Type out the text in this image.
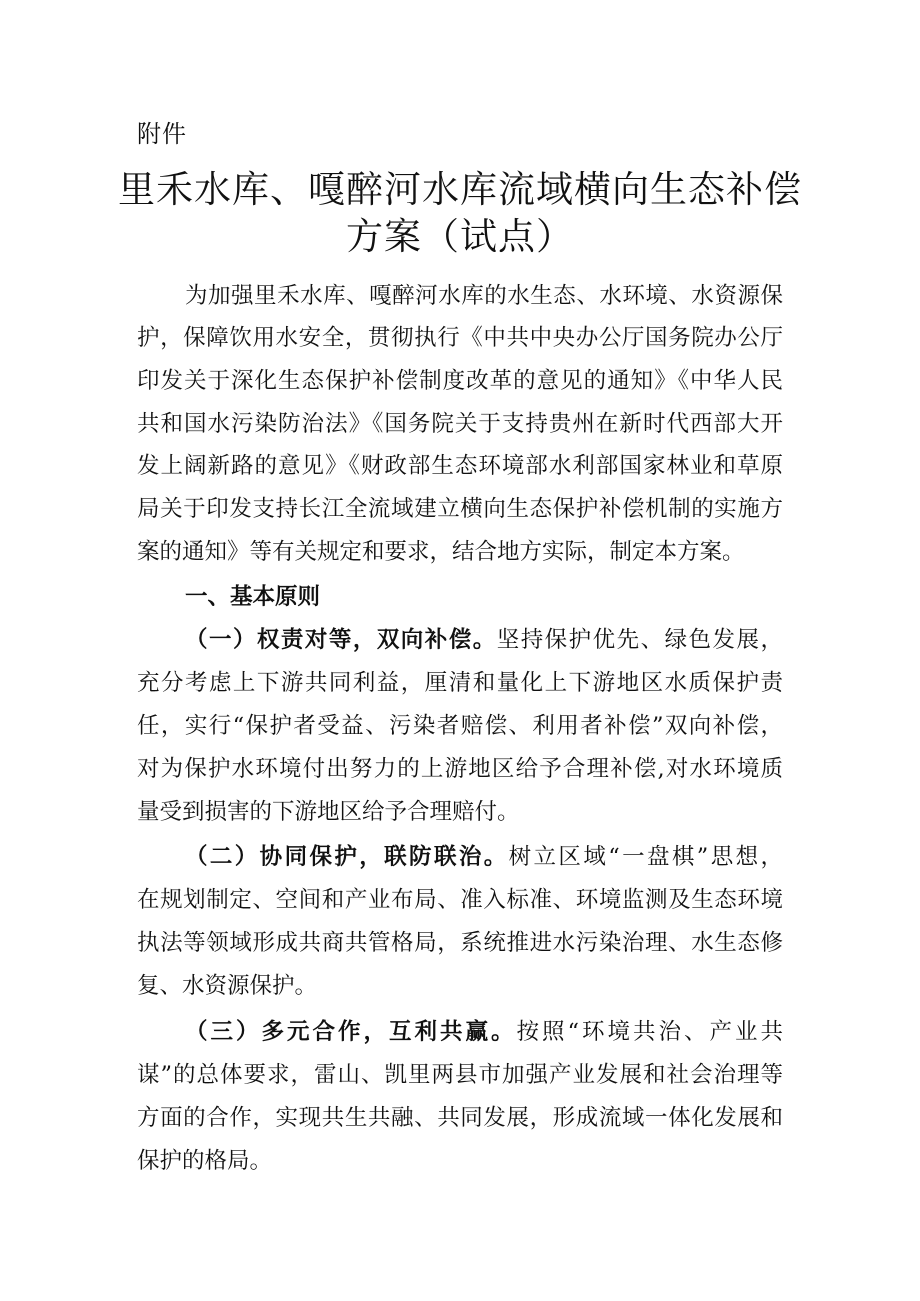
附件
里禾水库、嘎醉河水库流域横向生态补偿
方案（试点）
为加强里禾水库、嘎醉河水库的水生态、水环境、水资源保
护，保障饮用水安全，贯彻执行《中共中央办公厅国务院办公厅
印发关于深化生态保护补偿制度改革的意见的通知》《中华人民
共和国水污染防治法》《国务院关于支持贵州在新时代西部大开
发上阔新路的意见》《财政部生态环境部水利部国家林业和草原
局关于印发支持长江全流域建立横向生态保护补偿机制的实施方
案的通知》等有关规定和要求，结合地方实际，制定本方案。
一、基本原则
（一）权责对等，双向补偿。坚持保护优先、绿色发展，
充分考虑上下游共同利益，厘清和量化上下游地区水质保护责
任，实行“保护者受益、污染者赔偿、利用者补偿”双向补偿，
对为保护水环境付出努力的上游地区给予合理补偿,对水环境质
量受到损害的下游地区给予合理赔付。
（二）协同保护，联防联治。树立区域“一盘棋”思想，
在规划制定、空间和产业布局、准入标准、环境监测及生态环境
执法等领域形成共商共管格局，系统推进水污染治理、水生态修
复、水资源保护。
（三）多元合作，互利共赢。按照“环境共治、产业共
谋”的总体要求，雷山、凯里两县市加强产业发展和社会治理等
方面的合作，实现共生共融、共同发展，形成流域一体化发展和
保护的格局。
